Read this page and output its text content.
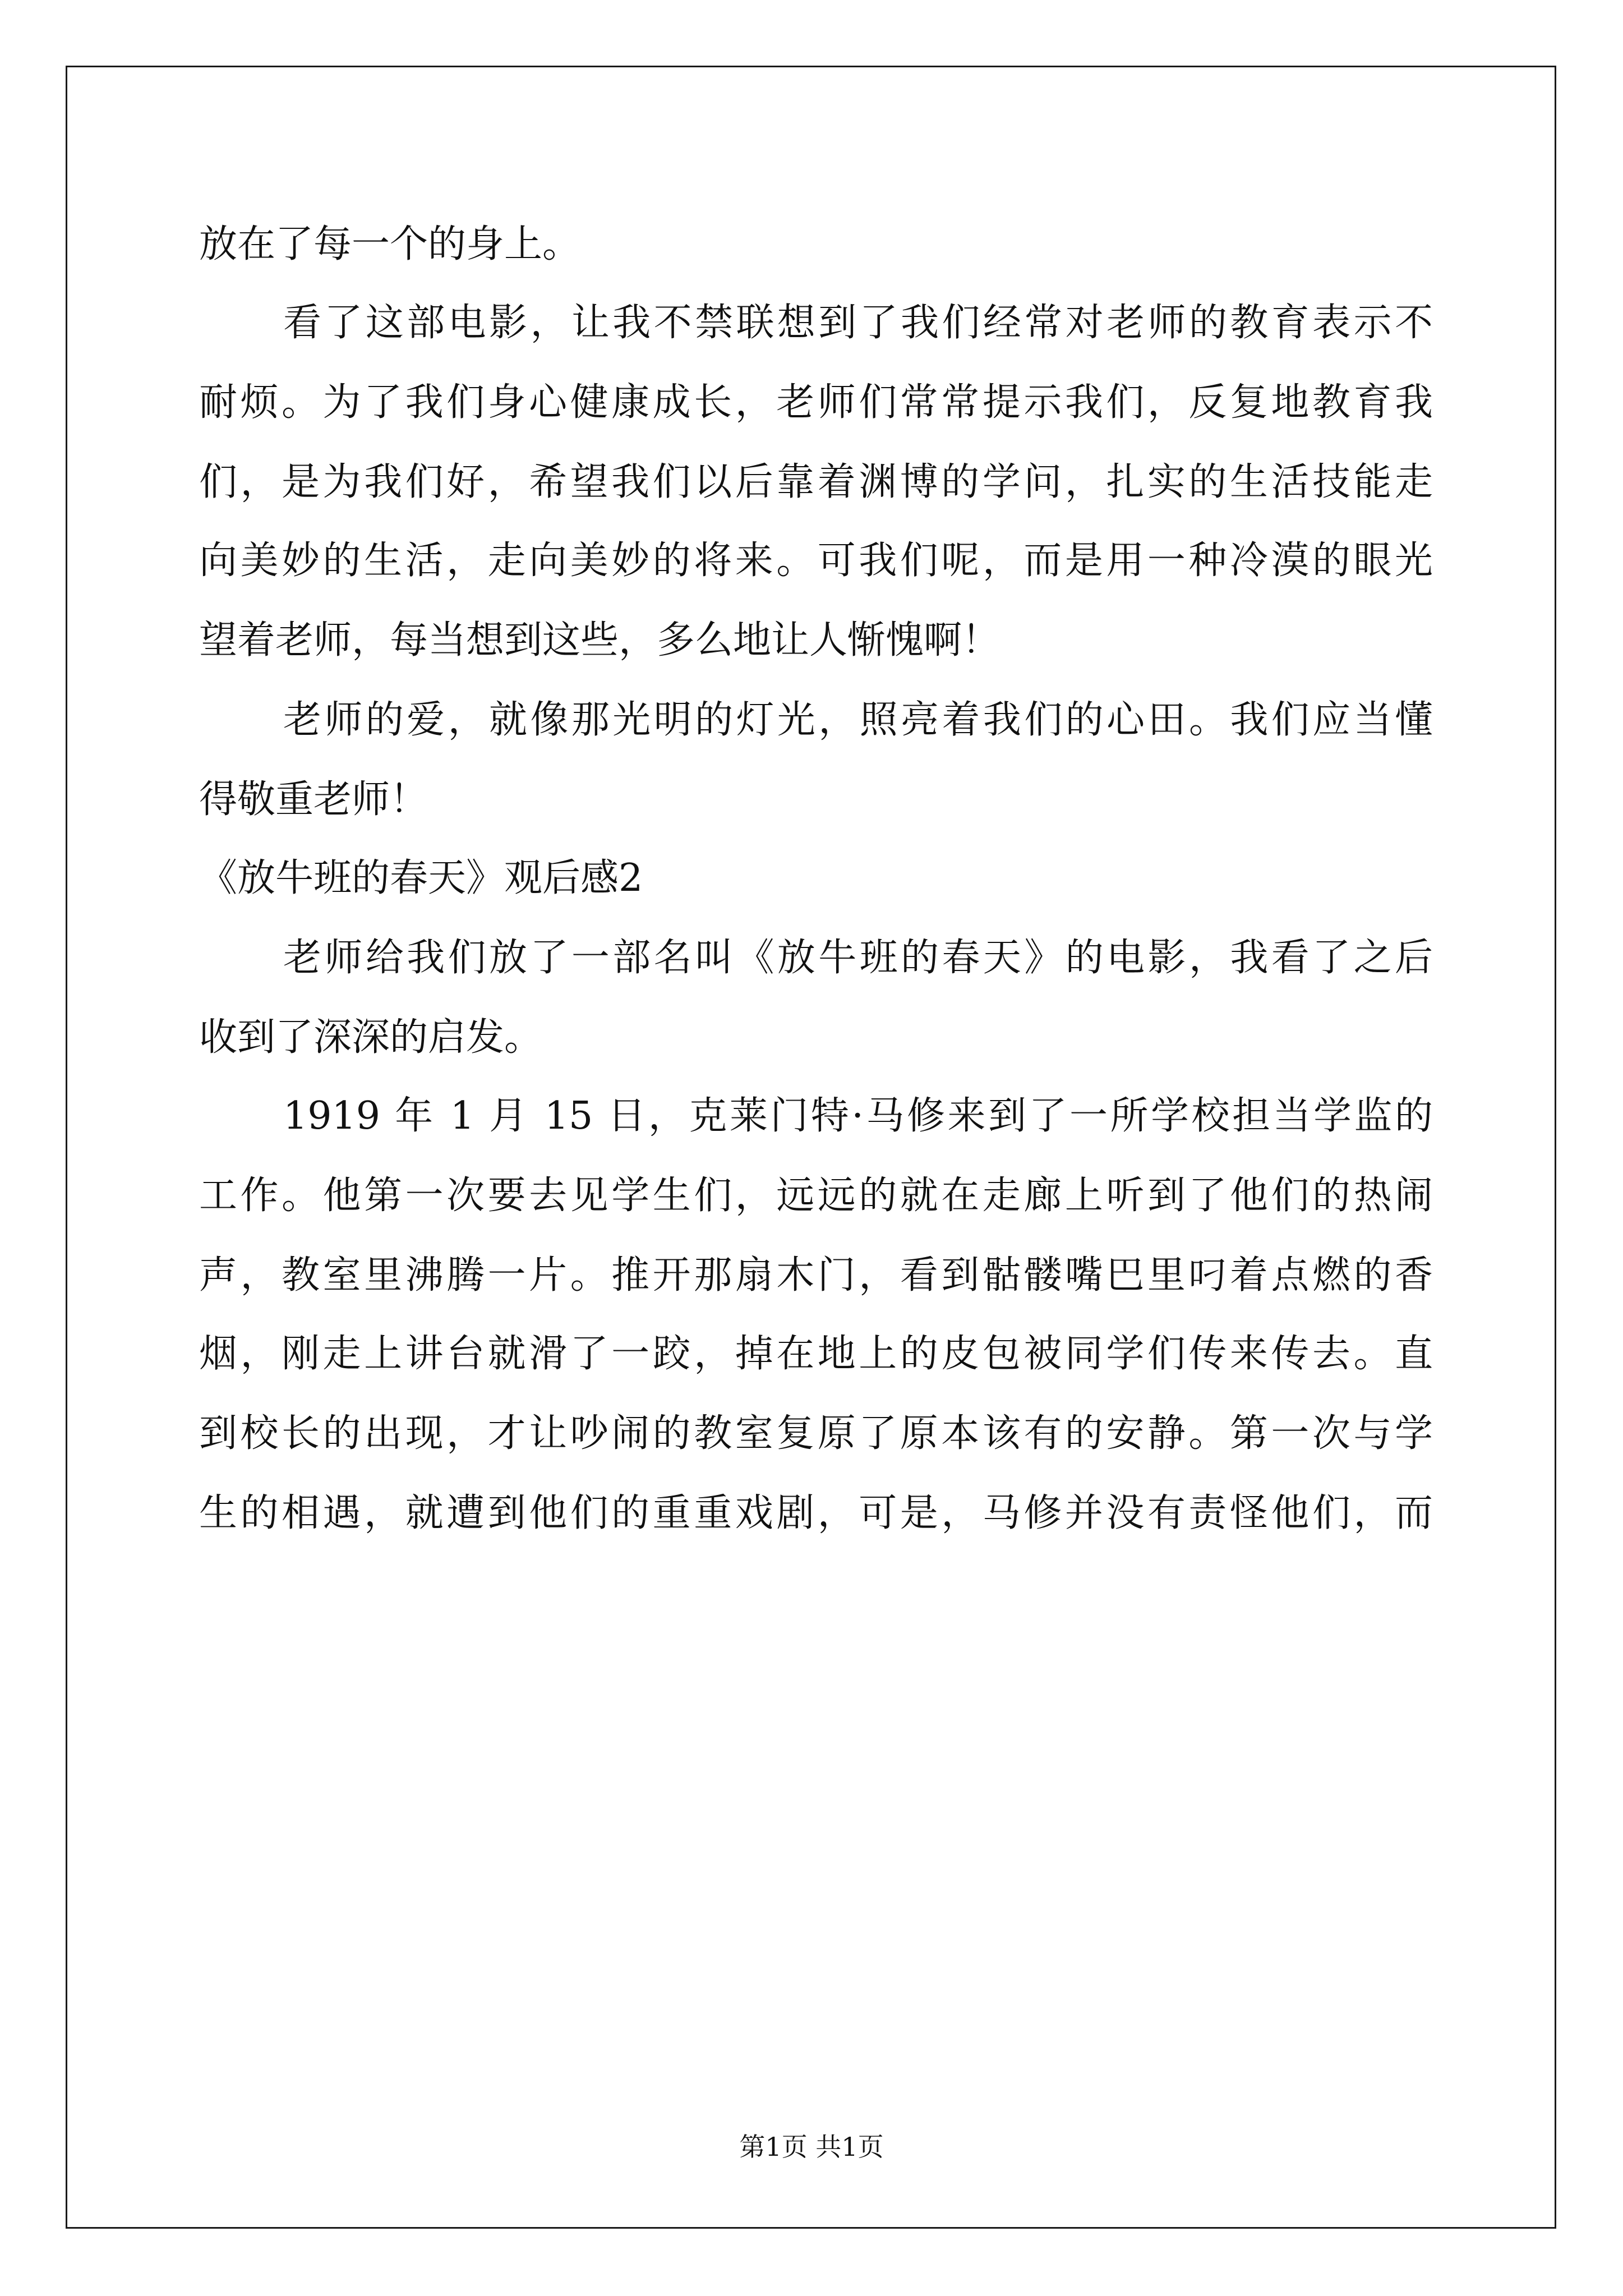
放在了每一个的身上。
看了这部电影，让我不禁联想到了我们经常对老师的教育表示不
耐烦。为了我们身心健康成长，老师们常常提示我们，反复地教育我
们，是为我们好，希望我们以后靠着渊博的学问，扎实的生活技能走
向美妙的生活，走向美妙的将来。可我们呢，而是用一种冷漠的眼光
望着老师，每当想到这些，多么地让人惭愧啊！
老师的爱，就像那光明的灯光，照亮着我们的心田。我们应当懂
得敬重老师！
《放牛班的春天》观后感2
老师给我们放了一部名叫《放牛班的春天》的电影，我看了之后
收到了深深的启发。
1919 年 1 月 15 日，克莱门特·马修来到了一所学校担当学监的
工作。他第一次要去见学生们，远远的就在走廊上听到了他们的热闹
声，教室里沸腾一片。推开那扇木门，看到骷髅嘴巴里叼着点燃的香
烟，刚走上讲台就滑了一跤，掉在地上的皮包被同学们传来传去。直
到校长的出现，才让吵闹的教室复原了原本该有的安静。第一次与学
生的相遇，就遭到他们的重重戏剧，可是，马修并没有责怪他们，而
第1页 共1页
